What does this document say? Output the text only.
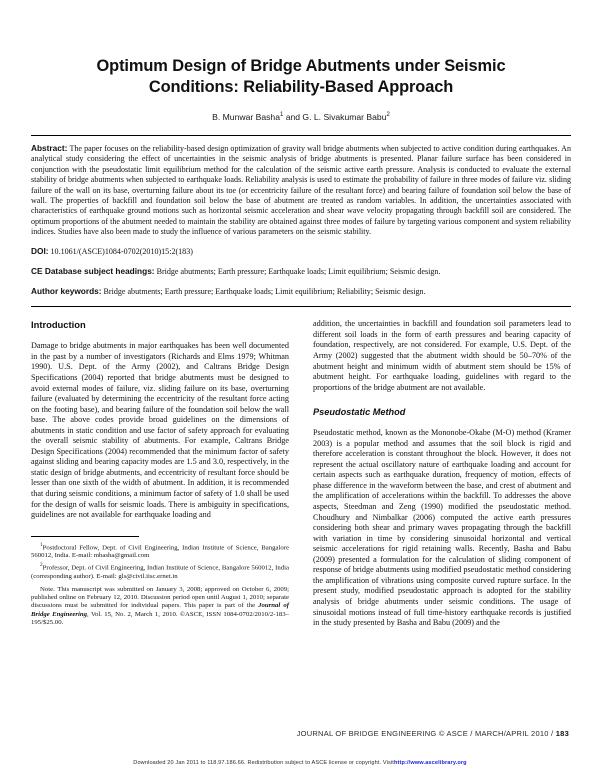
Optimum Design of Bridge Abutments under Seismic Conditions: Reliability-Based Approach
B. Munwar Basha$^1$ and G. L. Sivakumar Babu$^2$
Abstract: The paper focuses on the reliability-based design optimization of gravity wall bridge abutments when subjected to active condition during earthquakes. An analytical study considering the effect of uncertainties in the seismic analysis of bridge abutments is presented. Planar failure surface has been considered in conjunction with the pseudostatic limit equilibrium method for the calculation of the seismic active earth pressure. Analysis is conducted to evaluate the external stability of bridge abutments when subjected to earthquake loads. Reliability analysis is used to estimate the probability of failure in three modes of failure viz. sliding failure of the wall on its base, overturning failure about its toe (or eccentricity failure of the resultant force) and bearing failure of foundation soil below the base of wall. The properties of backfill and foundation soil below the base of abutment are treated as random variables. In addition, the uncertainties associated with characteristics of earthquake ground motions such as horizontal seismic acceleration and shear wave velocity propagating through backfill soil are considered. The optimum proportions of the abutment needed to maintain the stability are obtained against three modes of failure by targeting various component and system reliability indices. Studies have also been made to study the influence of various parameters on the seismic stability.
DOI: 10.1061/(ASCE)1084-0702(2010)15:2(183)
CE Database subject headings: Bridge abutments; Earth pressure; Earthquake loads; Limit equilibrium; Seismic design.
Author keywords: Bridge abutments; Earth pressure; Earthquake loads; Limit equilibrium; Reliability; Seismic design.
Introduction

Damage to bridge abutments in major earthquakes has been well documented in the past by a number of investigators (Richards and Elms 1979; Whitman 1990). U.S. Dept. of the Army (2002), and Caltrans Bridge Design Specifications (2004) reported that bridge abutments must be designed to avoid external modes of failure, viz. sliding failure on its base, overturning failure (evaluated by determining the eccentricity of the resultant force acting on the footing base), and bearing failure of the foundation soil below the wall base. The above codes provide broad guidelines on the dimensions of abutments in static condition and use factor of safety approach for evaluating the overall seismic stability of abutments. For example, Caltrans Bridge Design Specifications (2004) recommended that the minimum factor of safety against sliding and bearing capacity modes are 1.5 and 3.0, respectively, in the static design of bridge abutments, and eccentricity of resultant force should be lesser than one sixth of the width of abutment. In addition, it is recommended that during seismic conditions, a minimum factor of safety of 1.0 shall be used for the design of walls for seismic loads. There is ambiguity in specifications, guidelines are not available for earthquake loading and

$^1$Postdoctoral Fellow, Dept. of Civil Engineering, Indian Institute of Science, Bangalore 560012, India. E-mail: mbasha@gmail.com

$^2$Professor, Dept. of Civil Engineering, Indian Institute of Science, Bangalore 560012, India (corresponding author). E-mail: gls@civil.iisc.ernet.in

Note. This manuscript was submitted on January 3, 2008; approved on October 6, 2009; published online on February 12, 2010. Discussion period open until August 1, 2010; separate discussions must be submitted for individual papers. This paper is part of the Journal of Bridge Engineering, Vol. 15, No. 2, March 1, 2010. ©ASCE, ISSN 1084-0702/2010/2-183–195/$25.00.

addition, the uncertainties in backfill and foundation soil parameters lead to different soil loads in the form of earth pressures and bearing capacity of foundation, respectively, are not considered. For example, U.S. Dept. of the Army (2002) suggested that the abutment width should be 50–70% of the abutment height and minimum width of abutment stem should be 15% of abutment height. For earthquake loading, guidelines with regard to the proportions of the bridge abutment are not available.

Pseudostatic Method

Pseudostatic method, known as the Mononobe-Okabe (M-O) method (Kramer 2003) is a popular method and assumes that the soil block is rigid and therefore acceleration is constant throughout the block. However, it does not represent the actual oscillatory nature of earthquake loading and account for certain aspects such as earthquake duration, frequency of motion, effects of phase difference in the waveform between the base, and crest of abutment and the amplification of accelerations within the backfill. To addresses the above aspects, Steedman and Zeng (1990) modified the pseudostatic method. Choudhury and Nimbalkar (2006) computed the active earth pressures considering both shear and primary waves propagating through the backfill with variation in time by considering sinusoidal horizontal and vertical seismic accelerations for rigid retaining walls. Recently, Basha and Babu (2009) presented a formulation for the calculation of sliding component of response of bridge abutments using modified pseudostatic method considering the amplification of vibrations using composite curved rupture surface. In the present study, modified pseudostatic approach is adopted for the stability analysis of bridge abutments under seismic conditions. The usage of sinusoidal motions instead of full time-history earthquake records is justified in the study presented by Basha and Babu (2009) and the

JOURNAL OF BRIDGE ENGINEERING © ASCE / MARCH/APRIL 2010 / 183
Downloaded 20 Jan 2011 to 118.97.186.66. Redistribution subject to ASCE license or copyright. Visithttp://www.ascelibrary.org
